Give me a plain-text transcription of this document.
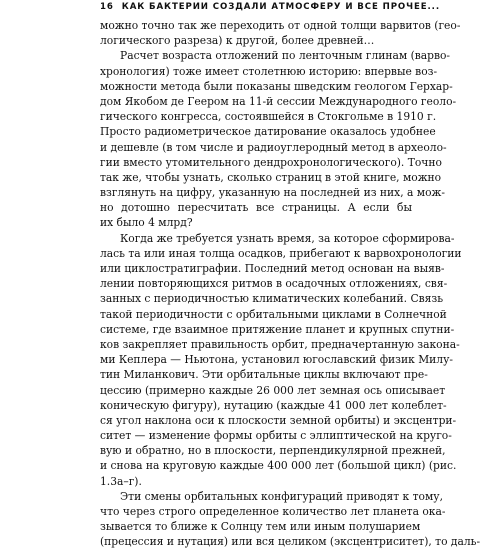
16 КАК БАКТЕРИИ СОЗДАЛИ АТМОСФЕРУ И ВСЕ ПРОЧЕЕ...
можно точно так же переходить от одной толщи варвитов (гео-
логического разреза) к другой, более древней…
Расчет возраста отложений по ленточным глинам (варво-
хронология) тоже имеет столетнюю историю: впервые воз-
можности метода были показаны шведским геологом Герхар-
дом Якобом де Геером на 11-й сессии Международного геоло-
гического конгресса, состоявшейся в Стокгольме в 1910 г.
Просто радиометрическое датирование оказалось удобнее
и дешевле (в том числе и радиоуглеродный метод в археоло-
гии вместо утомительного дендрохронологического). Точно
так же, чтобы узнать, сколько страниц в этой книге, можно
взглянуть на цифру, указанную на последней из них, а мож-
но дотошно пересчитать все страницы. А если бы
их было 4 млрд?
Когда же требуется узнать время, за которое сформирова-
лась та или иная толща осадков, прибегают к варвохронологии
или циклостратиграфии. Последний метод основан на выяв-
лении повторяющихся ритмов в осадочных отложениях, свя-
занных с периодичностью климатических колебаний. Связь
такой периодичности с орбитальными циклами в Солнечной
системе, где взаимное притяжение планет и крупных спутни-
ков закрепляет правильность орбит, предначертанную закона-
ми Кеплера — Ньютона, установил югославский физик Милу-
тин Миланкович. Эти орбитальные циклы включают пре-
цессию (примерно каждые 26 000 лет земная ось описывает
коническую фигуру), нутацию (каждые 41 000 лет колеблет-
ся угол наклона оси к плоскости земной орбиты) и эксцентри-
ситет — изменение формы орбиты с эллиптической на круго-
вую и обратно, но в плоскости, перпендикулярной прежней,
и снова на круговую каждые 400 000 лет (большой цикл) (рис.
1.3а–г).
Эти смены орбитальных конфигураций приводят к тому,
что через строго определенное количество лет планета ока-
зывается то ближе к Солнцу тем или иным полушарием
(прецессия и нутация) или вся целиком (эксцентриситет), то даль-
